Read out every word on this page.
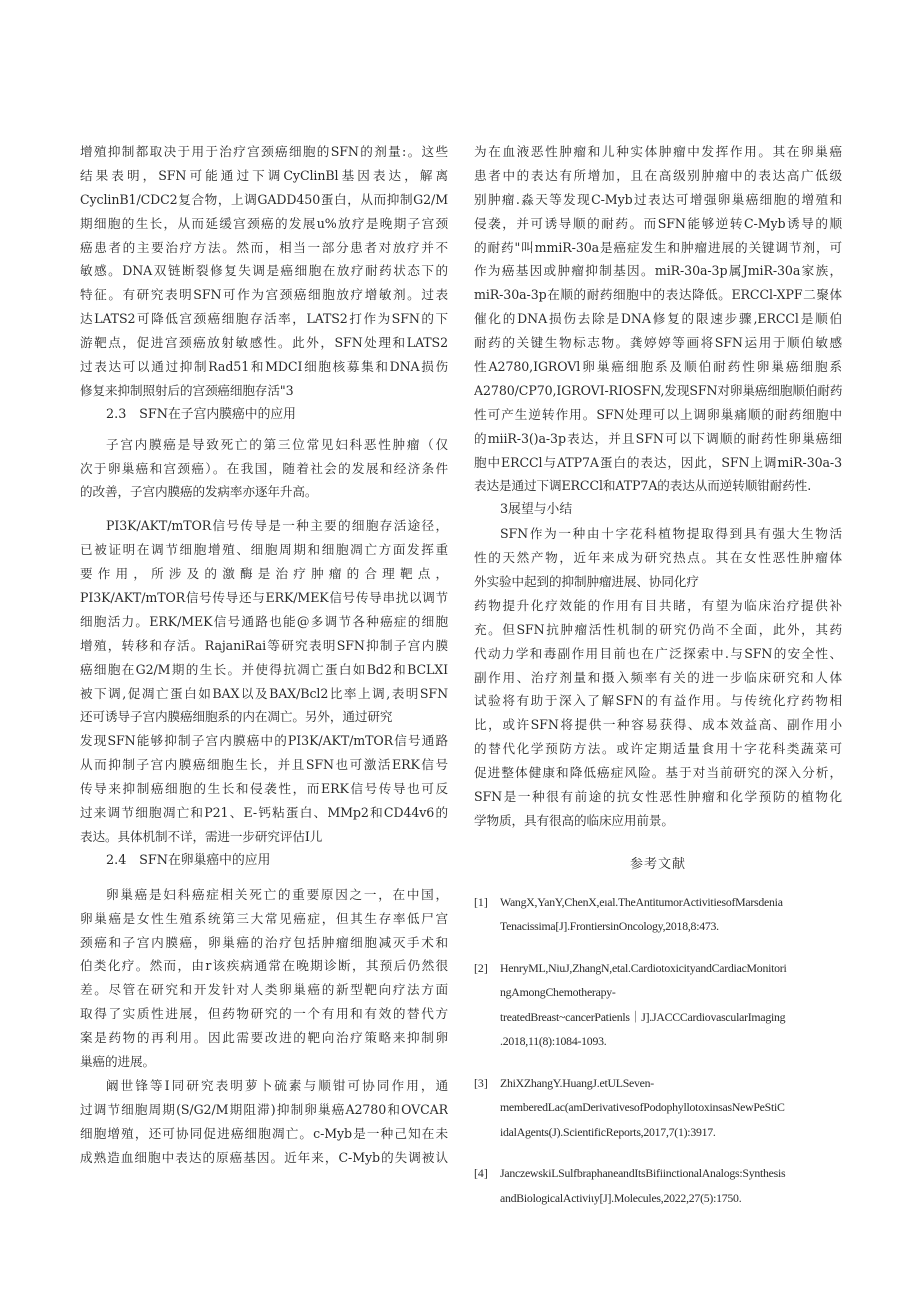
增殖抑制都取决于用于治疗宫颈癌细胞的SFN的剂量:。这些
结果表明，SFN可能通过下调CyClinBl基因表达，解离
CyclinB1/CDC2复合物，上调GADD450蛋白，从而抑制G2/M
期细胞的生长，从而延缓宫颈癌的发展u%放疗是晚期子宫颈
癌患者的主要治疗方法。然而，相当一部分患者对放疗并不
敏感。DNA双链断裂修复失调是癌细胞在放疗耐药状态下的
特征。有研究表明SFN可作为宫颈癌细胞放疗增敏剂。过表
达LATS2可降低宫颈癌细胞存活率，LATS2打作为SFN的下
游靶点，促进宫颈癌放射敏感性。此外，SFN处理和LATS2
过表达可以通过抑制Rad51和MDCI细胞核募集和DNA损伤
修复来抑制照射后的宫颈癌细胞存活"3
2.3　SFN在子宫内膜癌中的应用
子宫内膜癌是导致死亡的第三位常见妇科恶性肿瘤（仅
次于卵巢癌和宫颈癌）。在我国，随着社会的发展和经济条件
的改善，子宫内膜癌的发病率亦逐年升高。
PI3K/AKT/mTOR信号传导是一种主要的细胞存活途径，
已被证明在调节细胞增殖、细胞周期和细胞凋亡方面发挥重
要作用，所涉及的激酶是治疗肿瘤的合理靶点，
PI3K/AKT/mTOR信号传导还与ERK/MEK信号传导串扰以调节
细胞活力。ERK/MEK信号通路也能@多调节各种癌症的细胞
增殖，转移和存活。RajaniRai等研究表明SFN抑制子宫内膜
癌细胞在G2/M期的生长。并使得抗凋亡蛋白如Bd2和BCLXI
被下调,促凋亡蛋白如BAX以及BAX/Bcl2比率上调,表明SFN
还可诱导子宫内膜癌细胞系的内在凋亡。另外，通过研究
发现SFN能够抑制子宫内膜癌中的PI3K/AKT/mTOR信号通路
从而抑制子宫内膜癌细胞生长，并且SFN也可激活ERK信号
传导来抑制癌细胞的生长和侵袭性，而ERK信号传导也可反
过来调节细胞凋亡和P21、E-钙粘蛋白、MMp2和CD44v6的
表达。具体机制不详，需进一步研究评估I儿
2.4　SFN在卵巢癌中的应用
卵巢癌是妇科癌症相关死亡的重要原因之一，在中国，
卵巢癌是女性生殖系统第三大常见癌症，但其生存率低尸宫
颈癌和子宫内膜癌，卵巢癌的治疗包括肿瘤细胞减灭手术和
伯类化疗。然而，由r该疾病通常在晚期诊断，其预后仍然很
差。尽管在研究和开发针对人类卵巢癌的新型靶向疗法方面
取得了实质性进展，但药物研究的一个有用和有效的替代方
案是药物的再利用。因此需要改进的靶向治疗策略来抑制卵
巢癌的进展。
阚世锋等I同研究表明萝卜硫素与顺钳可协同作用，通
过调节细胞周期(S/G2/M期阻滞)抑制卵巢癌A2780和OVCAR
细胞增殖，还可协同促进癌细胞凋亡。c-Myb是一种己知在未
成熟造血细胞中表达的原癌基因。近年来，C-Myb的失调被认
为在血液恶性肿瘤和儿种实体肿瘤中发挥作用。其在卵巢癌
患者中的表达有所增加，且在高级别肿瘤中的表达高广低级
别肿瘤.淼天等发现C-Myb过表达可增强卵巢癌细胞的增殖和
侵袭，并可诱导顺的耐药。而SFN能够逆转C-Myb诱导的顺
的耐药"叫mmiR-30a是癌症发生和肿瘤进展的关键调节剂，可
作为癌基因或肿瘤抑制基因。miR-30a-3p属JmiR-30a家族，
miR-30a-3p在顺的耐药细胞中的表达降低。ERCCl-XPF二聚体
催化的DNA损伤去除是DNA修复的限速步骤,ERCCl是顺伯
耐药的关键生物标志物。龚婷婷等画将SFN运用于顺伯敏感
性A2780,IGROVl卵巢癌细胞系及顺伯耐药性卵巢癌细胞系
A2780/CP70,IGROVI-RIOSFN,发现SFN对卵巢癌细胞顺伯耐药
性可产生逆转作用。SFN处理可以上调卵巢痛顺的耐药细胞中
的miiR-3()a-3p表达，并且SFN可以下调顺的耐药性卵巢癌细
胞中ERCCl与ATP7A蛋白的表达，因此，SFN上调miR-30a-3
表达是通过下调ERCCl和ATP7A的表达从而逆转顺钳耐药性.
3展望与小结
SFN作为一种由十字花科植物提取得到具有强大生物活
性的天然产物，近年来成为研究热点。其在女性恶性肿瘤体
外实验中起到的抑制肿瘤进展、协同化疗
药物提升化疗效能的作用有目共睹，有望为临床治疗提供补
充。但SFN抗肿瘤活性机制的研究仍尚不全面，此外，其药
代动力学和毒副作用目前也在广泛探索中.与SFN的安全性、
副作用、治疗剂量和摄入频率有关的进一步临床研究和人体
试验将有助于深入了解SFN的有益作用。与传统化疗药物相
比，或许SFN将提供一种容易获得、成本效益高、副作用小
的替代化学预防方法。或许定期适量食用十字花科类蔬菜可
促进整体健康和降低癌症风险。基于对当前研究的深入分析，
SFN是一种很有前途的抗女性恶性肿瘤和化学预防的植物化
学物质，具有很高的临床应用前景。
参考文献
[1] WangX,YanY,ChenX,eıal.TheAntitumorActivitiesofMarsdenia
Tenacissima[J].FrontiersinOncology,2018,8:473.
[2] HenryML,NiuJ,ZhangN,etal.CardiotoxicityandCardiacMonitori
ngAmongChemotherapy-
treatedBreast~cancerPatienls｜J].JACCCardiovascularImaging
.2018,11(8):1084-1093.
[3] ZhiXZhangY.HuangJ.etULSeven-
memberedLac(amDerivativesofPodophyllotoxinsasNewPeStiC
idalAgents(J).ScientificReports,2017,7(1):3917.
[4] JanczewskiLSulfbraphaneandItsBifiinctionalAnalogs:Synthesis
andBiologicalActiviιy[J].Molecules,2022,27(5):1750.
